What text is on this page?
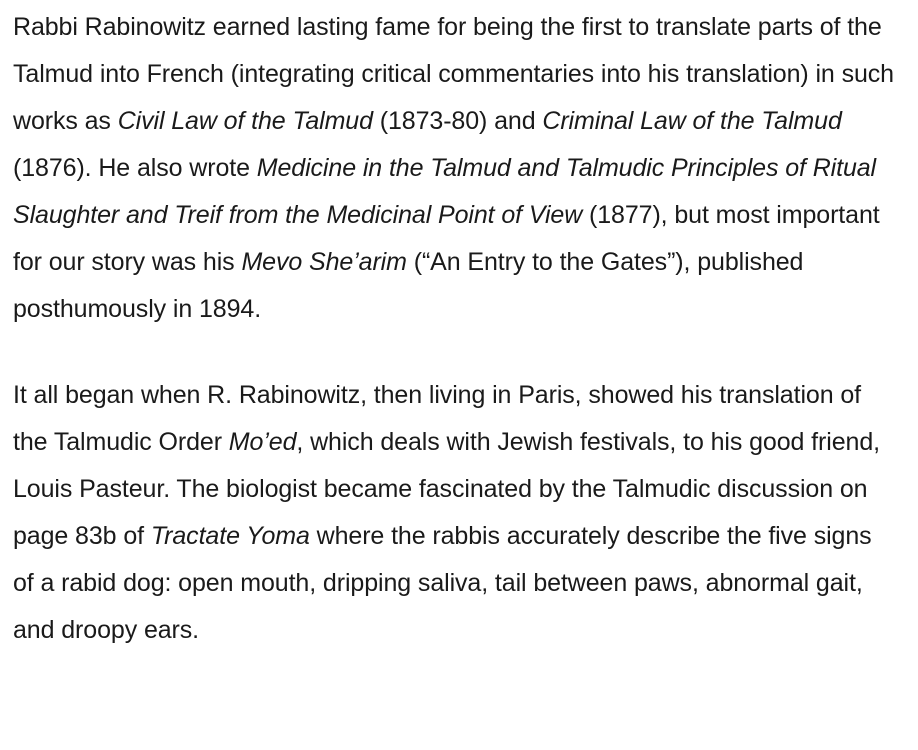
Rabbi Rabinowitz earned lasting fame for being the first to translate parts of the Talmud into French (integrating critical commentaries into his translation) in such works as Civil Law of the Talmud (1873-80) and Criminal Law of the Talmud (1876). He also wrote Medicine in the Talmud and Talmudic Principles of Ritual Slaughter and Treif from the Medicinal Point of View (1877), but most important for our story was his Mevo She’arim (“An Entry to the Gates”), published posthumously in 1894.

It all began when R. Rabinowitz, then living in Paris, showed his translation of the Talmudic Order Mo’ed, which deals with Jewish festivals, to his good friend, Louis Pasteur. The biologist became fascinated by the Talmudic discussion on page 83b of Tractate Yoma where the rabbis accurately describe the five signs of a rabid dog: open mouth, dripping saliva, tail between paws, abnormal gait, and droopy ears.
